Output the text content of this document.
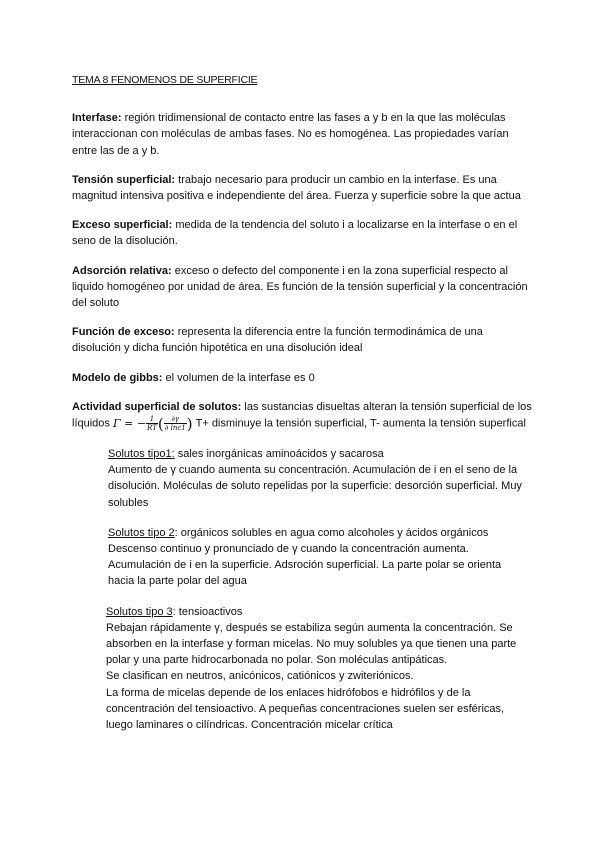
TEMA 8 FENOMENOS DE SUPERFICIE
Interfase: región tridimensional de contacto entre las fases a y b en la que las moléculas interaccionan con moléculas de ambas fases. No es homogénea. Las propiedades varían entre las de a y b.
Tensión superficial: trabajo necesario para producir un cambio en la interfase. Es una magnitud intensiva positiva e independiente del área. Fuerza y superficie sobre la que actua
Exceso superficial: medida de la tendencia del soluto i a localizarse en la interfase o en el seno de la disolución.
Adsorción relativa: exceso o defecto del componente i en la zona superficial respecto al liquido homogéneo por unidad de área. Es función de la tensión superficial y la concentración del soluto
Función de exceso: representa la diferencia entre la función termodinámica de una disolución y dicha función hipotética en una disolución ideal
Modelo de gibbs: el volumen de la interfase es 0
Actividad superficial de solutos: las sustancias disueltas alteran la tensión superficial de los líquidos Γ = − $\frac{1}{RT}$ ( $\frac{\partial\gamma}{\partial \ln c1}$ ) T+ disminuye la tensión superficial, T- aumenta la tensión superfical
Solutos tipo1: sales inorgánicas aminoácidos y sacarosa
Aumento de γ cuando aumenta su concentración. Acumulación de i en el seno de la
disolución. Moléculas de soluto repelidas por la superficie: desorción superficial. Muy
solubles
Solutos tipo 2: orgánicos solubles en agua como alcoholes y ácidos orgánicos
Descenso continuo y pronunciado de γ cuando la concentración aumenta.
Acumulación de i en la superficie. Adsroción superficial. La parte polar se orienta
hacia la parte polar del agua
Solutos tipo 3: tensioactivos
Rebajan rápidamente γ, después se estabiliza según aumenta la concentración. Se
absorben en la interfase y forman micelas. No muy solubles ya que tienen una parte
polar y una parte hidrocarbonada no polar. Son moléculas antipáticas.
Se clasifican en neutros, anicónicos, catiónicos y zwiteriónicos.
La forma de micelas depende de los enlaces hidrófobos e hidrófilos y de la
concentración del tensioactivo. A pequeñas concentraciones suelen ser esféricas,
luego laminares o cilíndricas. Concentración micelar crítica
